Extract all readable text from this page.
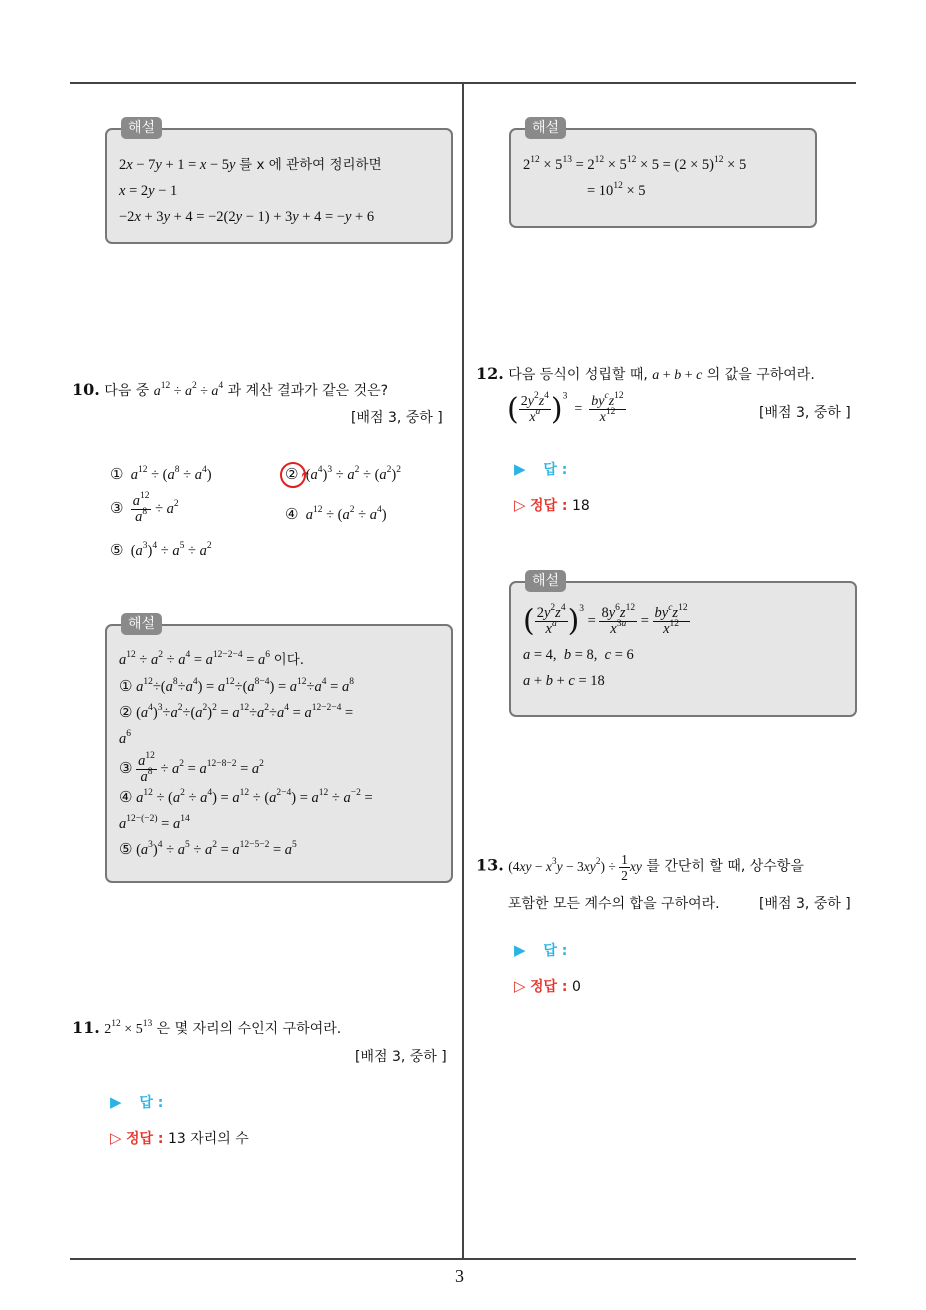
3
해설
2x − 7y + 1 = x − 5y 를 x 에 관하여 정리하면
x = 2y − 1
−2x + 3y + 4 = −2(2y − 1) + 3y + 4 = −y + 6
10. 다음 중 $a^{12} \div a^2 \div a^4$ 과 계산 결과가 같은 것은?
[배점 3, 중하 ]
① $a^{12} \div (a^8 \div a^4)$	②  $(a^4)^3 \div a^2 \div (a^2)^2$
③ $\frac{a^{12}}{a^8} \div a^2$
④ $a^{12} \div (a^2 \div a^4)$
⑤  $(a^3)^4 \div a^5 \div a^2$
해설
$a^{12} \div a^2 \div a^4 = a^{12-2-4} = a^6$ 이다.
① $a^{12}\div(a^8\div a^4) = a^{12}\div(a^{8-4}) = a^{12}\div a^4 = a^8$
② $(a^4)^3\div a^2\div(a^2)^2 = a^{12}\div a^2\div a^4 = a^{12-2-4}$ =
$a^6$
③ $\frac{a^{12}}{a^8} \div a^2 = a^{12-8-2} = a^2$
④ $a^{12} \div (a^2 \div a^4) = a^{12} \div (a^{2-4}) = a^{12} \div a^{-2}$ =
$a^{12-(-2)} = a^{14}$
⑤ $(a^3)^4 \div a^5 \div a^2 = a^{12-5-2} = a^5$
11. $2^{12} \times 5^{13}$ 은 몇 자리의 수인지 구하여라.
[배점 3, 중하 ]
▶ 답 :
▷ 정답 : 13 자리의 수
해설
$2^{12} \times 5^{13} = 2^{12} \times 5^{12} \times 5 = (2 \times 5)^{12} \times 5$
= $10^{12} \times 5$
12. 다음 등식이 성립할 때, a + b + c 의 값을 구하여라.
( $\frac{2y^2z^4}{x^a} )^3 = \frac{by^cz^{12}}{x^{12}}$	[배점 3, 중하 ]
▶ 답 :
▷ 정답 : 18
해설
( $\frac{2y^2z^4}{x^a} )^3 = \frac{8y^6z^{12}}{x^{3a}} = \frac{by^cz^{12}}{x^{12}}$
a = 4,  b = 8,  c = 6
a + b + c = 18
13. $(4xy - x^3y - 3xy^2) \div \frac{1}{2}$ xy 를 간단히 할 때, 상수항을
포함한 모든 계수의 합을 구하여라.	[배점 3, 중하 ]
▶ 답 :
▷ 정답 : 0
